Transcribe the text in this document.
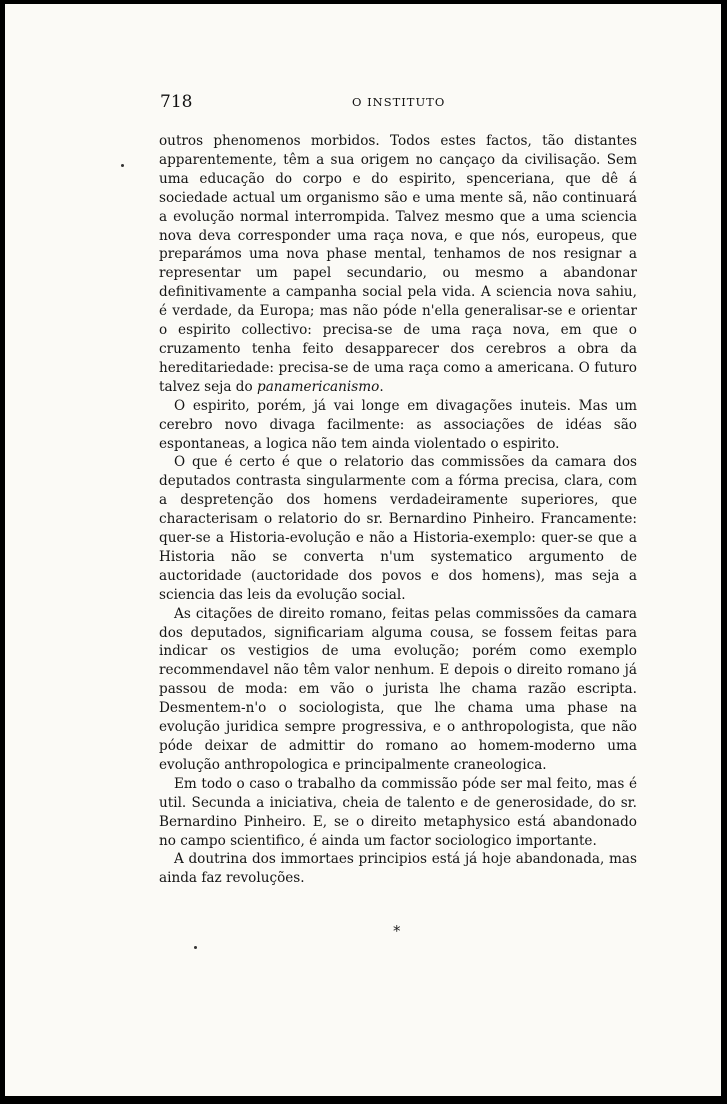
718	O INSTITUTO

outros phenomenos morbidos. Todos estes factos, tão distantes apparentemente, têm a sua origem no cançaço da civilisação. Sem uma educação do corpo e do espirito, spenceriana, que dê á sociedade actual um organismo são e uma mente sã, não continuará a evolução normal interrompida. Talvez mesmo que a uma sciencia nova deva corresponder uma raça nova, e que nós, europeus, que preparámos uma nova phase mental, tenhamos de nos resignar a representar um papel secundario, ou mesmo a abandonar definitivamente a campanha social pela vida. A sciencia nova sahiu, é verdade, da Europa; mas não póde n'ella generalisar-se e orientar o espirito collectivo: precisa-se de uma raça nova, em que o cruzamento tenha feito desapparecer dos cerebros a obra da hereditariedade: precisa-se de uma raça como a americana. O futuro talvez seja do panamericanismo.

O espirito, porém, já vai longe em divagações inuteis. Mas um cerebro novo divaga facilmente: as associações de idéas são espontaneas, a logica não tem ainda violentado o espirito.

O que é certo é que o relatorio das commissões da camara dos deputados contrasta singularmente com a fórma precisa, clara, com a despretenção dos homens verdadeiramente superiores, que characterisam o relatorio do sr. Bernardino Pinheiro. Francamente: quer-se a Historia-evolução e não a Historia-exemplo: quer-se que a Historia não se converta n'um systematico argumento de auctoridade (auctoridade dos povos e dos homens), mas seja a sciencia das leis da evolução social.

As citações de direito romano, feitas pelas commissões da camara dos deputados, significariam alguma cousa, se fossem feitas para indicar os vestigios de uma evolução; porém como exemplo recommendavel não têm valor nenhum. E depois o direito romano já passou de moda: em vão o jurista lhe chama razão escripta. Desmentem-n'o o sociologista, que lhe chama uma phase na evolução juridica sempre progressiva, e o anthropologista, que não póde deixar de admittir do romano ao homem-moderno uma evolução anthropologica e principalmente craneologica.

Em todo o caso o trabalho da commissão póde ser mal feito, mas é util. Secunda a iniciativa, cheia de talento e de generosidade, do sr. Bernardino Pinheiro. E, se o direito metaphysico está abandonado no campo scientifico, é ainda um factor sociologico importante.

A doutrina dos immortaes principios está já hoje abandonada, mas ainda faz revoluções.

*
